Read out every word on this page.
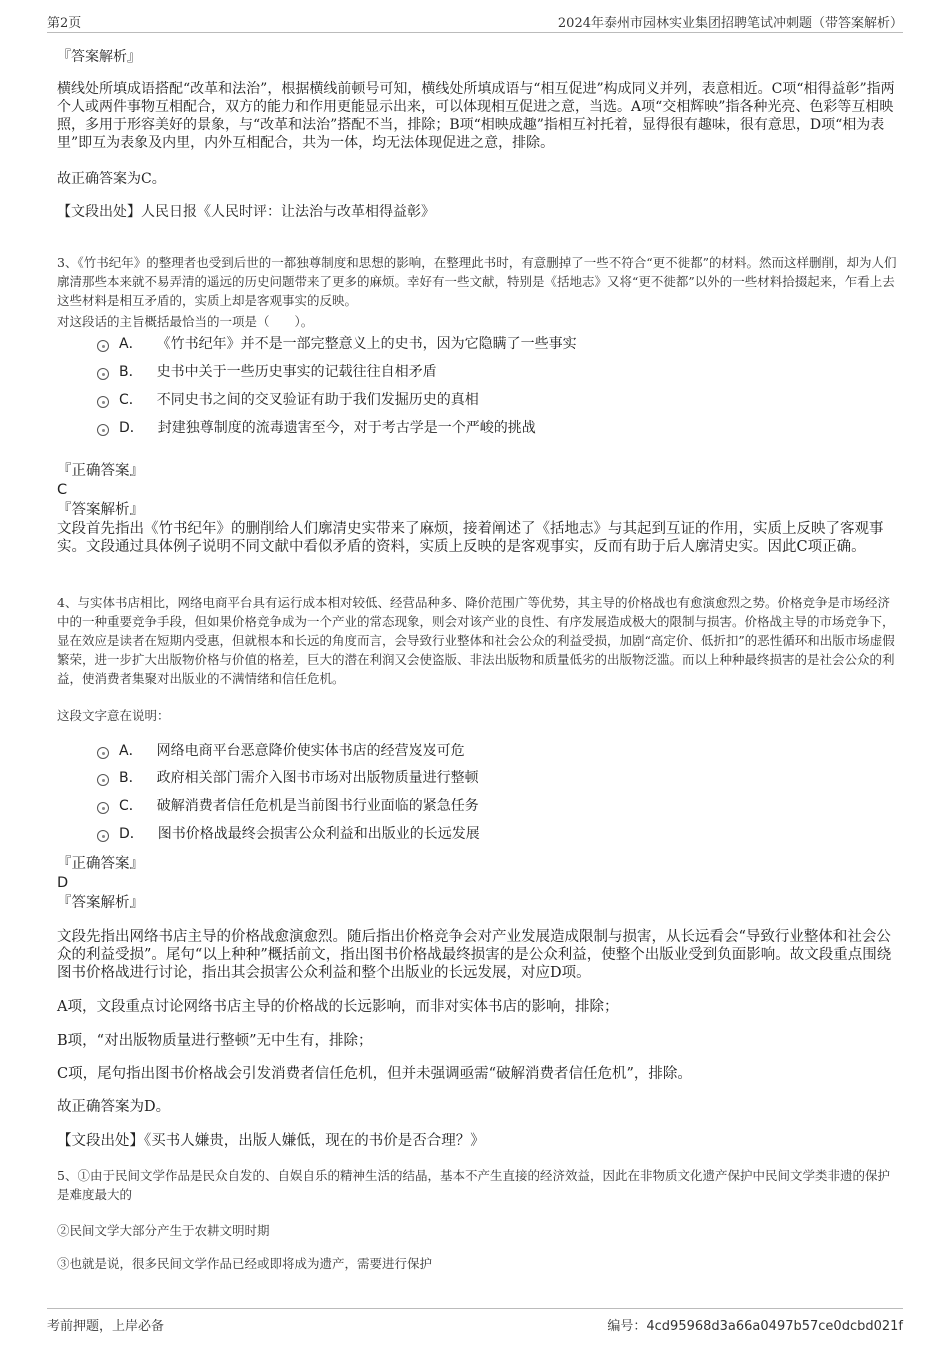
第2页	2024年泰州市园林实业集团招聘笔试冲刺题（带答案解析）
『答案解析』
横线处所填成语搭配“改革和法治”，根据横线前顿号可知，横线处所填成语与“相互促进”构成同义并列，表意相近。C项“相得益彰”指两个人或两件事物互相配合，双方的能力和作用更能显示出来，可以体现相互促进之意，当选。A项“交相辉映”指各种光亮、色彩等互相映照，多用于形容美好的景象，与“改革和法治”搭配不当，排除；B项“相映成趣”指相互衬托着，显得很有趣味，很有意思，D项“相为表里”即互为表象及内里，内外互相配合，共为一体，均无法体现促进之意，排除。
故正确答案为C。
【文段出处】人民日报《人民时评：让法治与改革相得益彰》
3、《竹书纪年》的整理者也受到后世的一都独尊制度和思想的影响，在整理此书时，有意删掉了一些不符合“更不徙都”的材料。然而这样删削，却为人们廓清那些本来就不易弄清的遥远的历史问题带来了更多的麻烦。幸好有一些文献，特别是《括地志》又将“更不徙都”以外的一些材料拾掇起来，乍看上去这些材料是相互矛盾的，实质上却是客观事实的反映。
对这段话的主旨概括最恰当的一项是（　　）。
A． 《竹书纪年》并不是一部完整意义上的史书，因为它隐瞒了一些事实
B． 史书中关于一些历史事实的记载往往自相矛盾
C． 不同史书之间的交叉验证有助于我们发掘历史的真相
D． 封建独尊制度的流毒遗害至今，对于考古学是一个严峻的挑战
『正确答案』
C
『答案解析』
文段首先指出《竹书纪年》的删削给人们廓清史实带来了麻烦，接着阐述了《括地志》与其起到互证的作用，实质上反映了客观事实。文段通过具体例子说明不同文献中看似矛盾的资料，实质上反映的是客观事实，反而有助于后人廓清史实。因此C项正确。
4、与实体书店相比，网络电商平台具有运行成本相对较低、经营品种多、降价范围广等优势，其主导的价格战也有愈演愈烈之势。价格竞争是市场经济中的一种重要竞争手段，但如果价格竞争成为一个产业的常态现象，则会对该产业的良性、有序发展造成极大的限制与损害。价格战主导的市场竞争下，显在效应是读者在短期内受惠，但就根本和长远的角度而言，会导致行业整体和社会公众的利益受损，加剧“高定价、低折扣”的恶性循环和出版市场虚假繁荣，进一步扩大出版物价格与价值的格差，巨大的潜在利润又会使盗版、非法出版物和质量低劣的出版物泛滥。而以上种种最终损害的是社会公众的利益，使消费者集聚对出版业的不满情绪和信任危机。
这段文字意在说明：
A． 网络电商平台恶意降价使实体书店的经营岌岌可危
B． 政府相关部门需介入图书市场对出版物质量进行整顿
C． 破解消费者信任危机是当前图书行业面临的紧急任务
D． 图书价格战最终会损害公众利益和出版业的长远发展
『正确答案』
D
『答案解析』
文段先指出网络书店主导的价格战愈演愈烈。随后指出价格竞争会对产业发展造成限制与损害，从长远看会“导致行业整体和社会公众的利益受损”。尾句“以上种种”概括前文，指出图书价格战最终损害的是公众利益，使整个出版业受到负面影响。故文段重点围绕图书价格战进行讨论，指出其会损害公众利益和整个出版业的长远发展，对应D项。
A项，文段重点讨论网络书店主导的价格战的长远影响，而非对实体书店的影响，排除；
B项，“对出版物质量进行整顿”无中生有，排除；
C项，尾句指出图书价格战会引发消费者信任危机，但并未强调亟需“破解消费者信任危机”，排除。
故正确答案为D。
【文段出处】《买书人嫌贵，出版人嫌低，现在的书价是否合理？》
5、①由于民间文学作品是民众自发的、自娱自乐的精神生活的结晶，基本不产生直接的经济效益，因此在非物质文化遗产保护中民间文学类非遗的保护是难度最大的
②民间文学大部分产生于农耕文明时期
③也就是说，很多民间文学作品已经或即将成为遗产，需要进行保护
考前押题，上岸必备	编号：4cd95968d3a66a0497b57ce0dcbd021f
